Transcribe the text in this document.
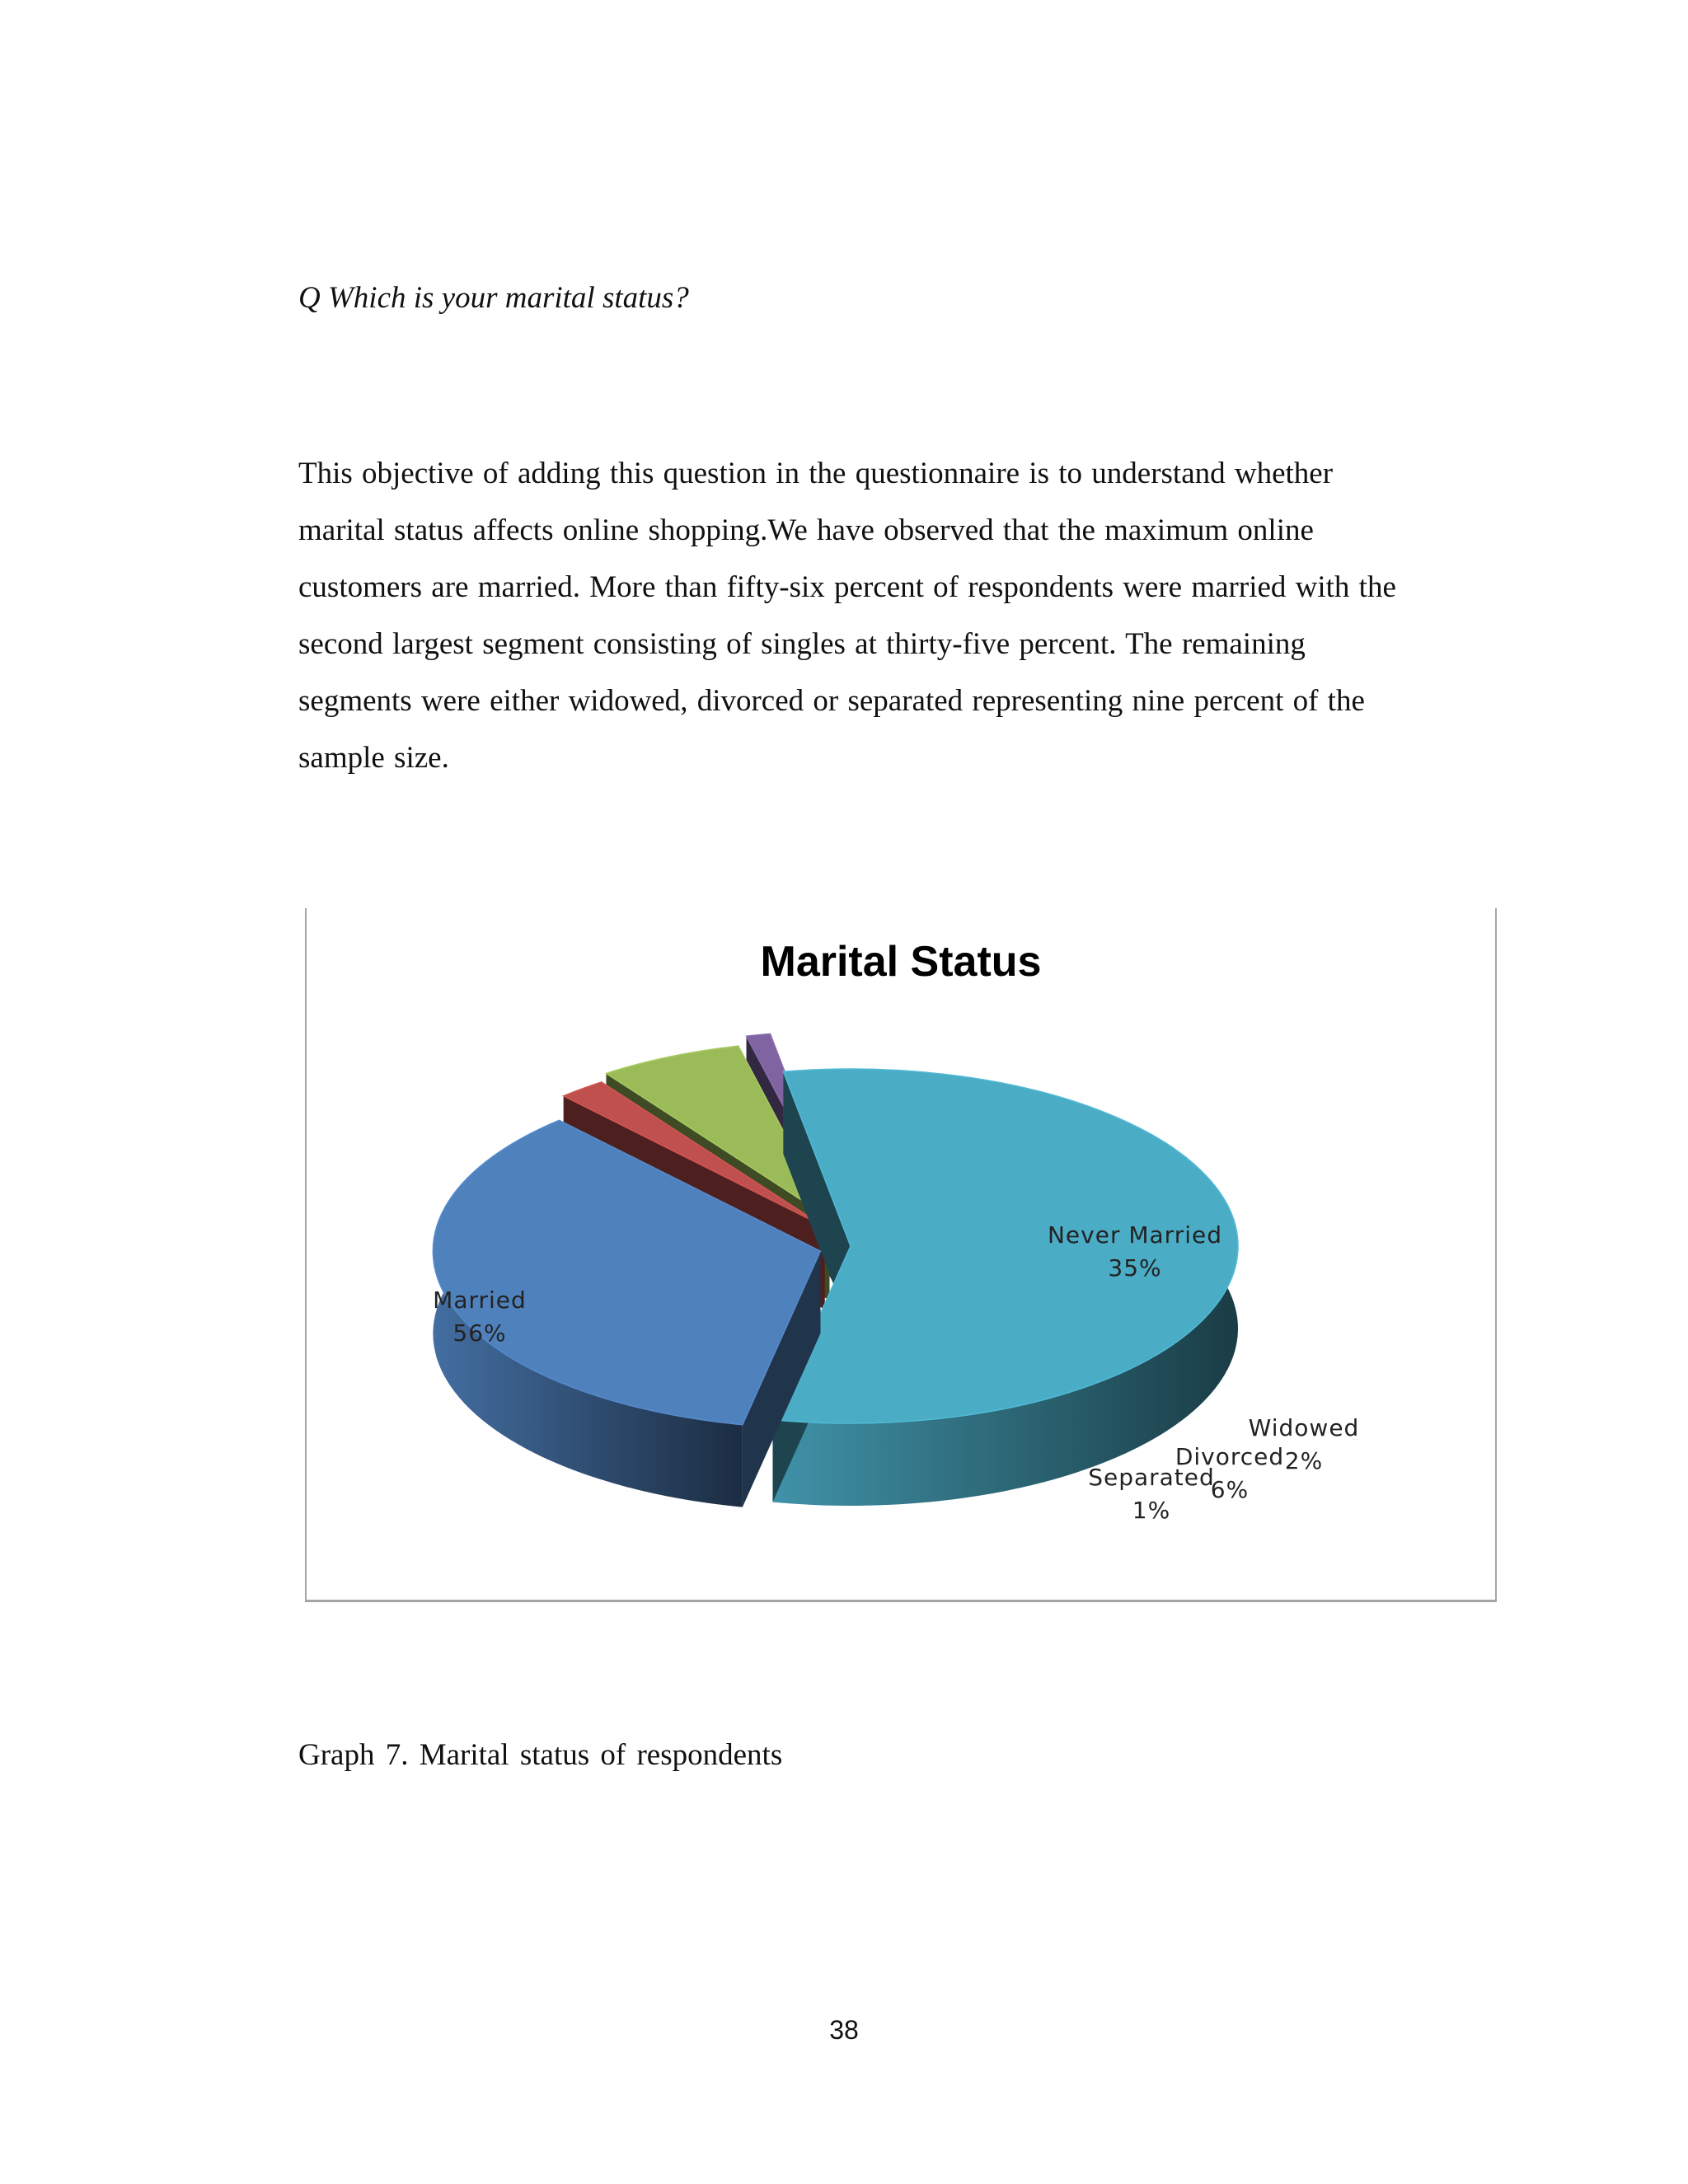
Q Which is your marital status?

This objective of adding this question in the questionnaire is to understand whether
marital status affects online shopping.We have observed that the maximum online
customers are married. More than fifty-six percent of respondents were married with the
second largest segment consisting of singles at thirty-five percent. The remaining
segments were either widowed, divorced or separated representing nine percent of the
sample size.
Marital Status
Married 56%
Never Married 35%
Widowed 2%
Divorced 6%
Separated 1%

Graph 7. Marital status of respondents

38
